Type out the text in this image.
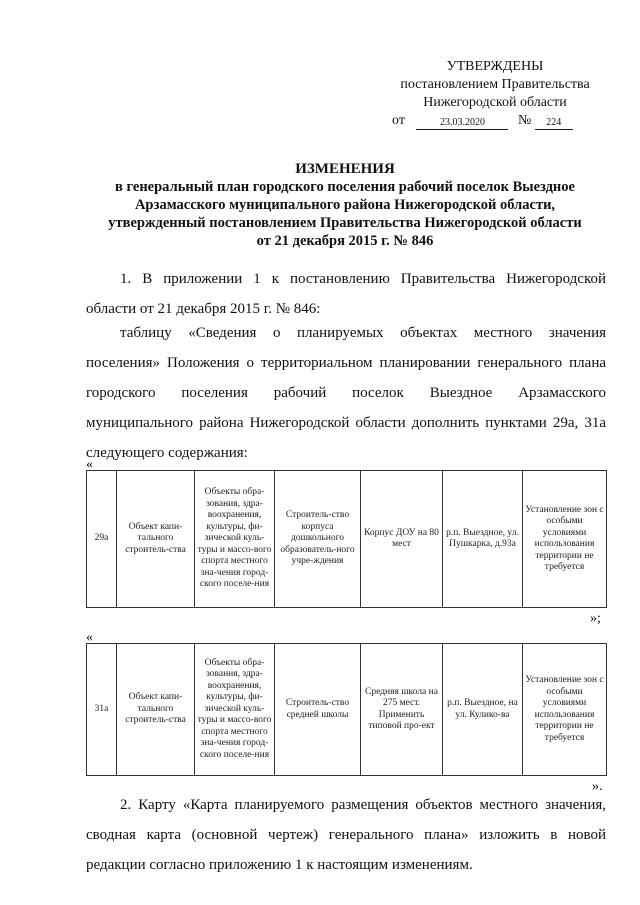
УТВЕРЖДЕНЫ
постановлением Правительства
Нижегородской области
от	23.03.2020 № 224
ИЗМЕНЕНИЯ
в генеральный план городского поселения рабочий поселок Выездное
Арзамасского муниципального района Нижегородской области,
утвержденный постановлением Правительства Нижегородской области
от 21 декабря 2015 г. № 846
1. В приложении 1 к постановлению Правительства Нижегородской
области от 21 декабря 2015 г. № 846:
таблицу «Сведения о планируемых объектах местного значения
поселения» Положения о территориальном планировании генерального плана
городского поселения рабочий поселок Выездное Арзамасского
муниципального района Нижегородской области дополнить пунктами 29а, 31а
следующего содержания:
«
29а	Объект капи-тального строитель-ства	Объекты обра-зования, здра-воохранения, культуры, фи-зической куль-туры и массо-вого спорта местного зна-чения город-ского поселе-ния	Строитель-ство корпуса дошкольного образователь-ного учре-ждения	Корпус ДОУ на 80 мест	р.п. Выездное, ул. Пушкарка, д.93а	Установление зон с особыми условиями использования территории не требуется
»;
«
31а	Объект капи-тального строитель-ства	Объекты обра-зования, здра-воохранения, культуры, фи-зической куль-туры и массо-вого спорта местного зна-чения город-ского поселе-ния	Строитель-ство средней школы	Средняя школа на 275 мест. Применить типовой про-ект	р.п. Выездное, на ул. Кулико-ва	Установление зон с особыми условиями использования территории не требуется
».
2. Карту «Карта планируемого размещения объектов местного значения,
сводная карта (основной чертеж) генерального плана» изложить в новой
редакции согласно приложению 1 к настоящим изменениям.
